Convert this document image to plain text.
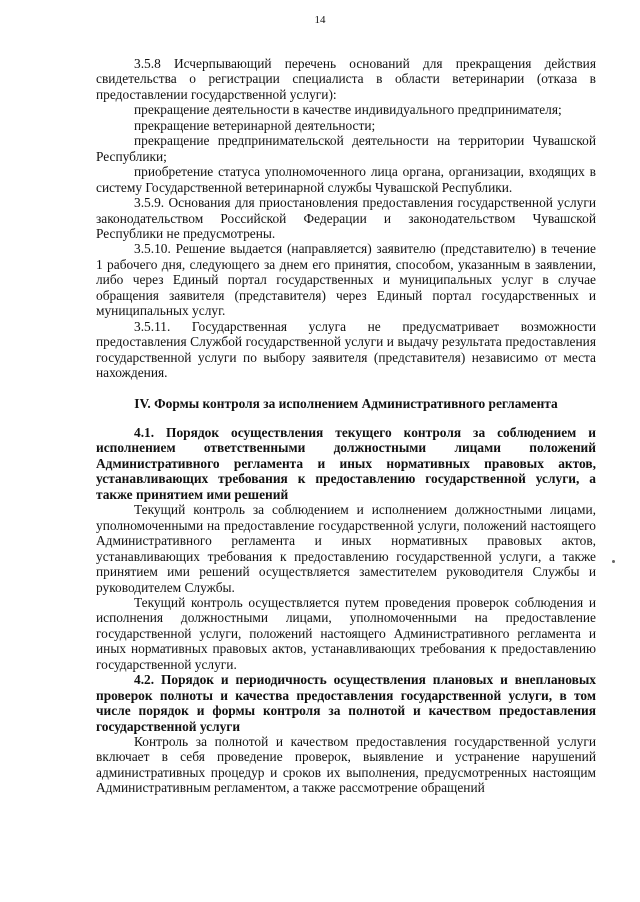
14

3.5.8 Исчерпывающий перечень оснований для прекращения действия свидетельства о регистрации специалиста в области ветеринарии (отказа в предоставлении государственной услуги):

прекращение деятельности в качестве индивидуального предпринимателя;

прекращение ветеринарной деятельности;

прекращение предпринимательской деятельности на территории Чувашской Республики;

приобретение статуса уполномоченного лица органа, организации, входящих в систему Государственной ветеринарной службы Чувашской Республики.

3.5.9. Основания для приостановления предоставления государственной услуги законодательством Российской Федерации и законодательством Чувашской Республики не предусмотрены.

3.5.10. Решение выдается (направляется) заявителю (представителю) в течение 1 рабочего дня, следующего за днем его принятия, способом, указанным в заявлении, либо через Единый портал государственных и муниципальных услуг в случае обращения заявителя (представителя) через Единый портал государственных и муниципальных услуг.

3.5.11. Государственная услуга не предусматривает возможности предоставления Службой государственной услуги и выдачу результата предоставления государственной услуги по выбору заявителя (представителя) независимо от места нахождения.

IV. Формы контроля за исполнением Административного регламента
4.1. Порядок осуществления текущего контроля за соблюдением и исполнением ответственными должностными лицами положений Административного регламента и иных нормативных правовых актов, устанавливающих требования к предоставлению государственной услуги, а также принятием ими решений

Текущий контроль за соблюдением и исполнением должностными лицами, уполномоченными на предоставление государственной услуги, положений настоящего Административного регламента и иных нормативных правовых актов, устанавливающих требования к предоставлению государственной услуги, а также принятием ими решений осуществляется заместителем руководителя Службы и руководителем Службы.

Текущий контроль осуществляется путем проведения проверок соблюдения и исполнения должностными лицами, уполномоченными на предоставление государственной услуги, положений настоящего Административного регламента и иных нормативных правовых актов, устанавливающих требования к предоставлению государственной услуги.

4.2. Порядок и периодичность осуществления плановых и внеплановых проверок полноты и качества предоставления государственной услуги, в том числе порядок и формы контроля за полнотой и качеством предоставления государственной услуги

Контроль за полнотой и качеством предоставления государственной услуги включает в себя проведение проверок, выявление и устранение нарушений административных процедур и сроков их выполнения, предусмотренных настоящим Административным регламентом, а также рассмотрение обращений
